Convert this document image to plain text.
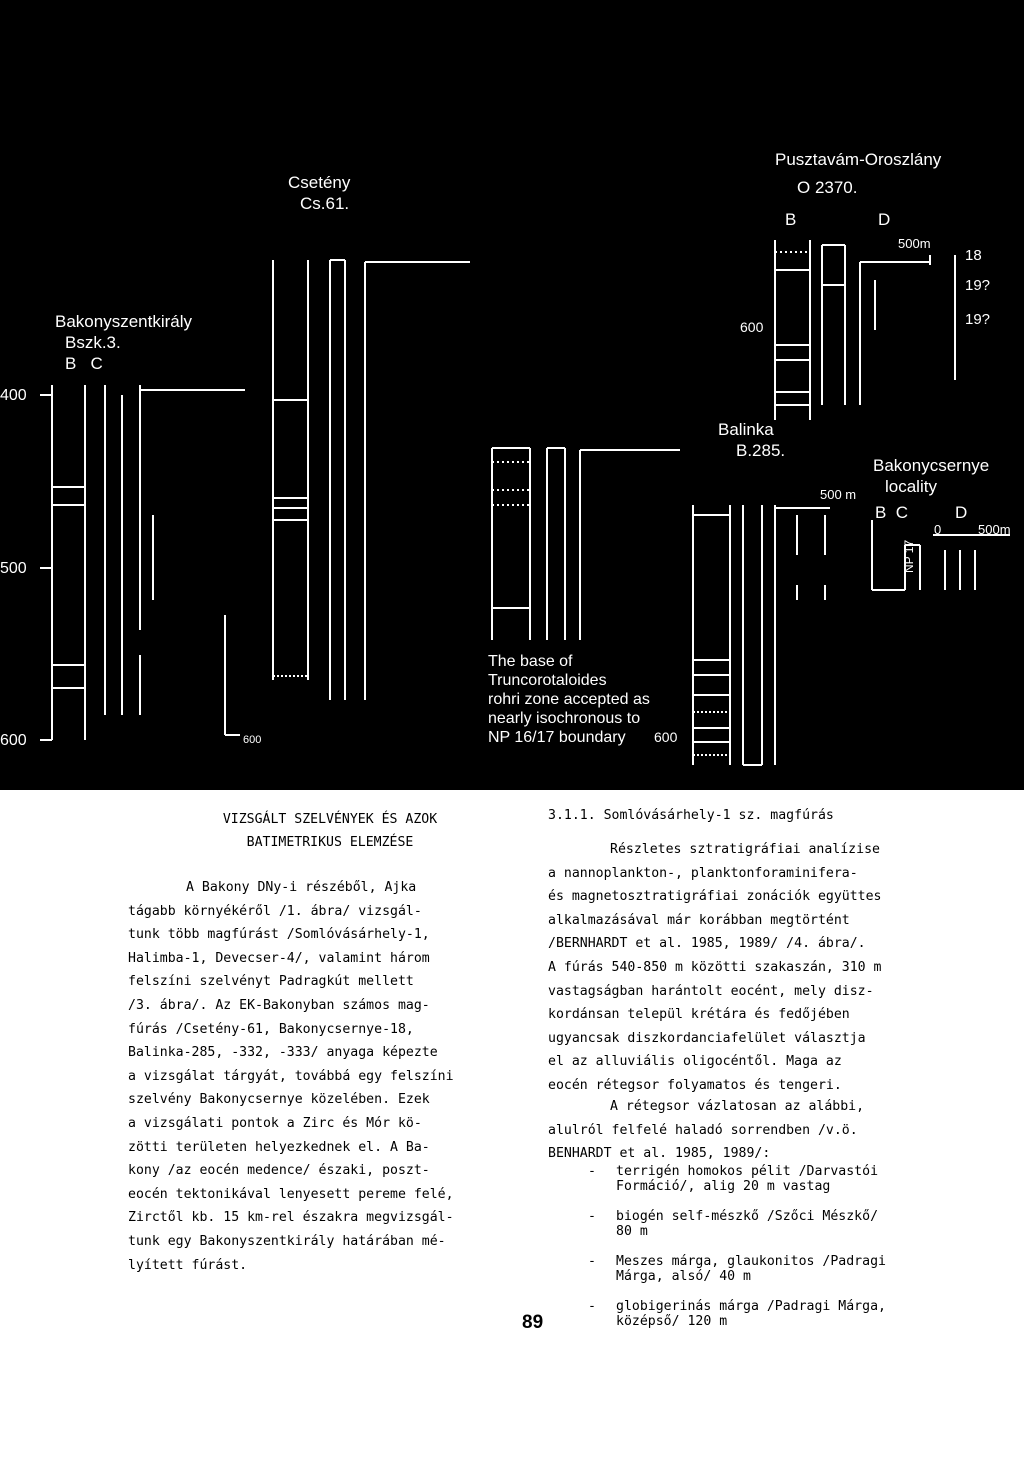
400
500
600
Bakonyszentkirály
Bszk.3.
B   C
Csetény
Cs.61.
600
Pusztavám-Oroszlány
O 2370.
B	D
500m
600
18
19?
19?
Balinka
B.285.
500 m
Bakonycsernye
locality
B  C	D
0	500m
NP 17
The base of
Truncorotaloides
rohri zone accepted as
nearly isochronous to
NP 16/17 boundary	600
VIZSGÁLT SZELVÉNYEK ÉS AZOK
BATIMETRIKUS ELEMZÉSE

A Bakony DNy-i részéből, Ajka

tágabb környékéről /1. ábra/ vizsgál-

tunk több magfúrást /Somlóvásárhely-1,

Halimba-1, Devecser-4/, valamint három

felszíni szelvényt Padragkút mellett

/3. ábra/. Az EK-Bakonyban számos mag-

fúrás /Csetény-61, Bakonycsernye-18,

Balinka-285, -332, -333/ anyaga képezte

a vizsgálat tárgyát, továbbá egy felszíni

szelvény Bakonycsernye közelében. Ezek

a vizsgálati pontok a Zirc és Mór kö-

zötti területen helyezkednek el. A Ba-

kony /az eocén medence/ északi, poszt-

eocén tektonikával lenyesett pereme felé,

Zirctől kb. 15 km-rel északra megvizsgál-

tunk egy Bakonyszentkirály határában mé-

lyített fúrást.

3.1. DNy-Bakony
3.1.1. Somlóvásárhely-1 sz. magfúrás

Részletes sztratigráfiai analízise

a nannoplankton-, planktonforaminifera-

és magnetosztratigráfiai zonációk együttes

alkalmazásával már korábban megtörtént

/BERNHARDT et al. 1985, 1989/ /4. ábra/.

A fúrás 540-850 m közötti szakaszán, 310 m

vastagságban harántolt eocént, mely disz-

kordánsan települ krétára és fedőjében

ugyancsak diszkordanciafelület választja

el az alluviális oligocéntől. Maga az

eocén rétegsor folyamatos és tengeri.

A rétegsor vázlatosan az alábbi,

alulról felfelé haladó sorrendben /v.ö.

BENHARDT et al. 1985, 1989/:

- terrigén homokos pélit /Darvastói
Formáció/, alig 20 m vastag
- biogén self-mészkő /Szőci Mészkő/
80 m
- Meszes márga, glaukonitos /Padragi
Márga, alsó/ 40 m
- globigerinás márga /Padragi Márga,
középső/ 120 m
89
